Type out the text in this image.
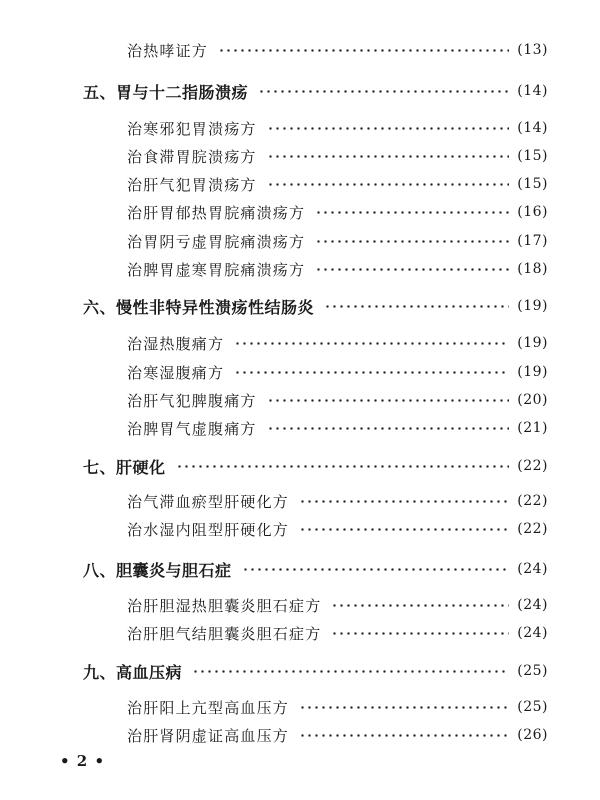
治热哮证方	(13)
五、胃与十二指肠溃疡	(14)
治寒邪犯胃溃疡方	(14)
治食滞胃脘溃疡方	(15)
治肝气犯胃溃疡方	(15)
治肝胃郁热胃脘痛溃疡方	(16)
治胃阴亏虚胃脘痛溃疡方	(17)
治脾胃虚寒胃脘痛溃疡方	(18)
六、慢性非特异性溃疡性结肠炎	(19)
治湿热腹痛方	(19)
治寒湿腹痛方	(19)
治肝气犯脾腹痛方	(20)
治脾胃气虚腹痛方	(21)
七、肝硬化	(22)
治气滞血瘀型肝硬化方	(22)
治水湿内阻型肝硬化方	(22)
八、胆囊炎与胆石症	(24)
治肝胆湿热胆囊炎胆石症方	(24)
治肝胆气结胆囊炎胆石症方	(24)
九、高血压病	(25)
治肝阳上亢型高血压方	(25)
治肝肾阴虚证高血压方	(26)
• 2 •
